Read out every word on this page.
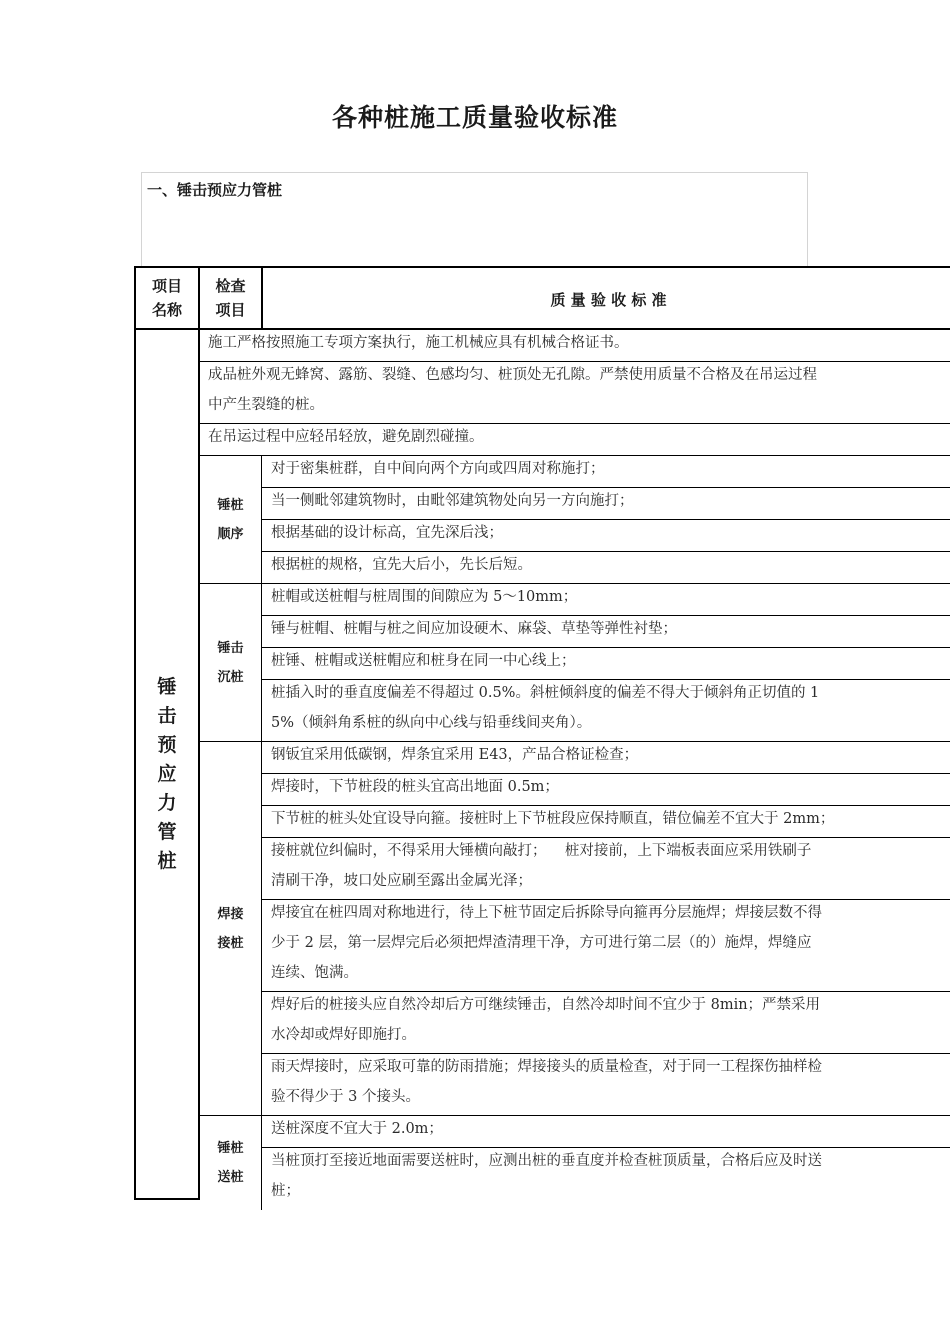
各种桩施工质量验收标准
一、锤击预应力管桩
项目
名称
检查
项目
质 量 验 收 标 准
施工严格按照施工专项方案执行，施工机械应具有机械合格证书。
成品桩外观无蜂窝、露筋、裂缝、色感均匀、桩顶处无孔隙。严禁使用质量不合格及在吊运过程
中产生裂缝的桩。
在吊运过程中应轻吊轻放，避免剧烈碰撞。
对于密集桩群，自中间向两个方向或四周对称施打；
当一侧毗邻建筑物时，由毗邻建筑物处向另一方向施打；
根据基础的设计标高，宜先深后浅；
根据桩的规格，宜先大后小，先长后短。
锤桩
顺序
桩帽或送桩帽与桩周围的间隙应为 5～10mm；
锤与桩帽、桩帽与桩之间应加设硬木、麻袋、草垫等弹性衬垫；
桩锤、桩帽或送桩帽应和桩身在同一中心线上；
桩插入时的垂直度偏差不得超过 0.5%。斜桩倾斜度的偏差不得大于倾斜角正切值的 1
5%（倾斜角系桩的纵向中心线与铅垂线间夹角）。
锤击
沉桩
钢钣宜采用低碳钢，焊条宜采用 E43，产品合格证检查；
焊接时，下节桩段的桩头宜高出地面 0.5m；
下节桩的桩头处宜设导向箍。接桩时上下节桩段应保持顺直，错位偏差不宜大于 2mm；
接桩就位纠偏时，不得采用大锤横向敲打；    桩对接前，上下端板表面应采用铁刷子
清刷干净，坡口处应刷至露出金属光泽；
焊接宜在桩四周对称地进行，待上下桩节固定后拆除导向箍再分层施焊；焊接层数不得
少于 2 层，第一层焊完后必须把焊渣清理干净，方可进行第二层（的）施焊，焊缝应
连续、饱满。
焊好后的桩接头应自然冷却后方可继续锤击，自然冷却时间不宜少于 8min；严禁采用
水冷却或焊好即施打。
雨天焊接时，应采取可靠的防雨措施；焊接接头的质量检查，对于同一工程探伤抽样检
验不得少于 3 个接头。
焊接
接桩
送桩深度不宜大于 2.0m；
当桩顶打至接近地面需要送桩时，应测出桩的垂直度并检查桩顶质量，合格后应及时送
桩；
锤桩
送桩
锤
击
预
应
力
管
桩
